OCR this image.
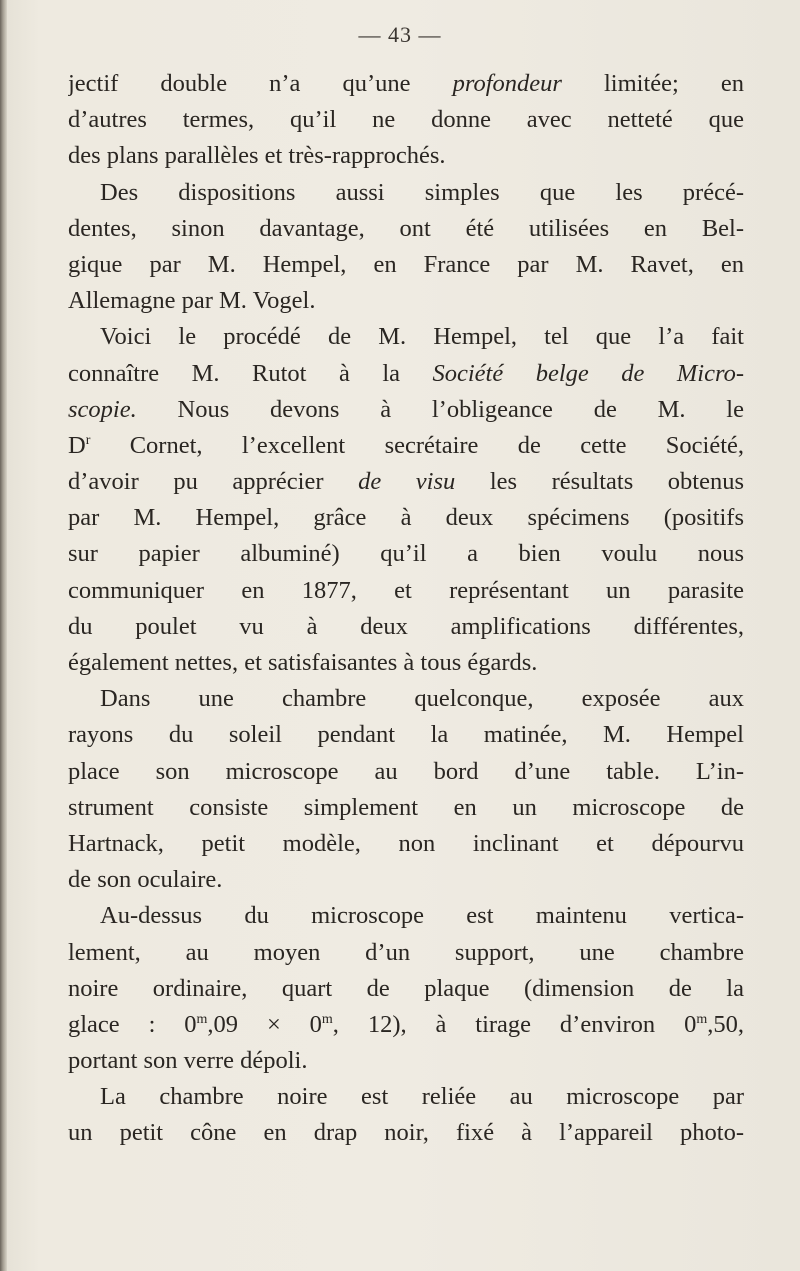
— 43 —
jectif double n’a qu’une profondeur limitée; en
d’autres termes, qu’il ne donne avec netteté que
des plans parallèles et très-rapprochés.
Des dispositions aussi simples que les précé-
dentes, sinon davantage, ont été utilisées en Bel-
gique par M. Hempel, en France par M. Ravet, en
Allemagne par M. Vogel.
Voici le procédé de M. Hempel, tel que l’a fait
connaître M. Rutot à la Société belge de Micro-
scopie. Nous devons à l’obligeance de M. le
$D^r$ Cornet, l’excellent secrétaire de cette Société,
d’avoir pu apprécier de visu les résultats obtenus
par M. Hempel, grâce à deux spécimens (positifs
sur papier albuminé) qu’il a bien voulu nous
communiquer en 1877, et représentant un parasite
du poulet vu à deux amplifications différentes,
également nettes, et satisfaisantes à tous égards.
Dans une chambre quelconque, exposée aux
rayons du soleil pendant la matinée, M. Hempel
place son microscope au bord d’une table. L’in-
strument consiste simplement en un microscope de
Hartnack, petit modèle, non inclinant et dépourvu
de son oculaire.
Au-dessus du microscope est maintenu vertica-
lement, au moyen d’un support, une chambre
noire ordinaire, quart de plaque (dimension de la
glace : $0^m,09 \times 0^m$, 12), à tirage d’environ 0$^m$,50,
portant son verre dépoli.
La chambre noire est reliée au microscope par
un petit cône en drap noir, fixé à l’appareil photo-
